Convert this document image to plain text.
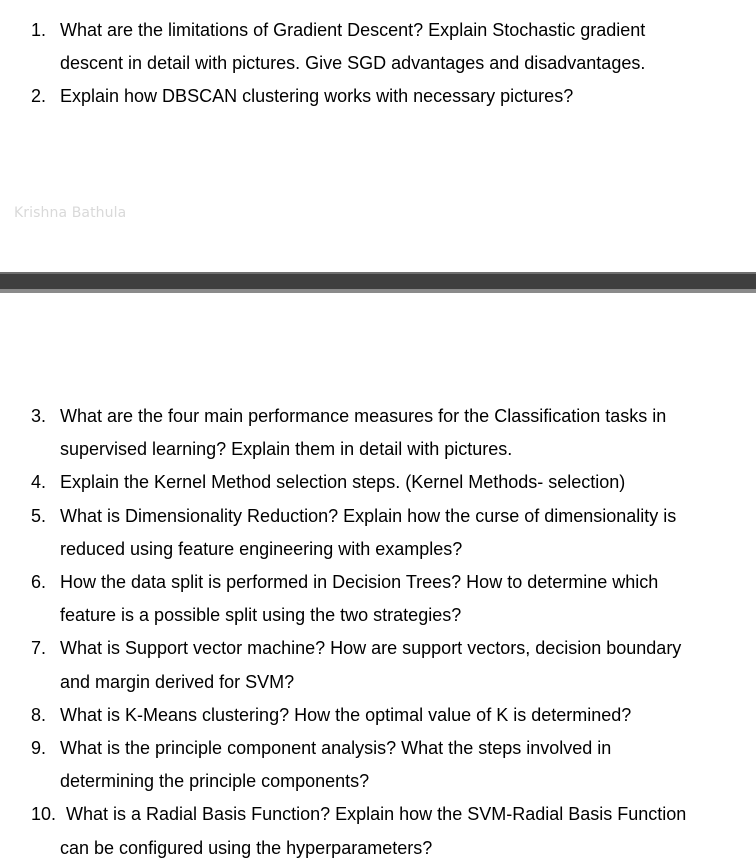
1. What are the limitations of Gradient Descent? Explain Stochastic gradient
descent in detail with pictures. Give SGD advantages and disadvantages.
2. Explain how DBSCAN clustering works with necessary pictures?
Krishna Bathula
3. What are the four main performance measures for the Classification tasks in
supervised learning? Explain them in detail with pictures.
4. Explain the Kernel Method selection steps. (Kernel Methods- selection)
5. What is Dimensionality Reduction? Explain how the curse of dimensionality is
reduced using feature engineering with examples?
6. How the data split is performed in Decision Trees? How to determine which
feature is a possible split using the two strategies?
7. What is Support vector machine? How are support vectors, decision boundary
and margin derived for SVM?
8. What is K-Means clustering? How the optimal value of K is determined?
9. What is the principle component analysis? What the steps involved in
determining the principle components?
10. What is a Radial Basis Function? Explain how the SVM-Radial Basis Function
can be configured using the hyperparameters?
